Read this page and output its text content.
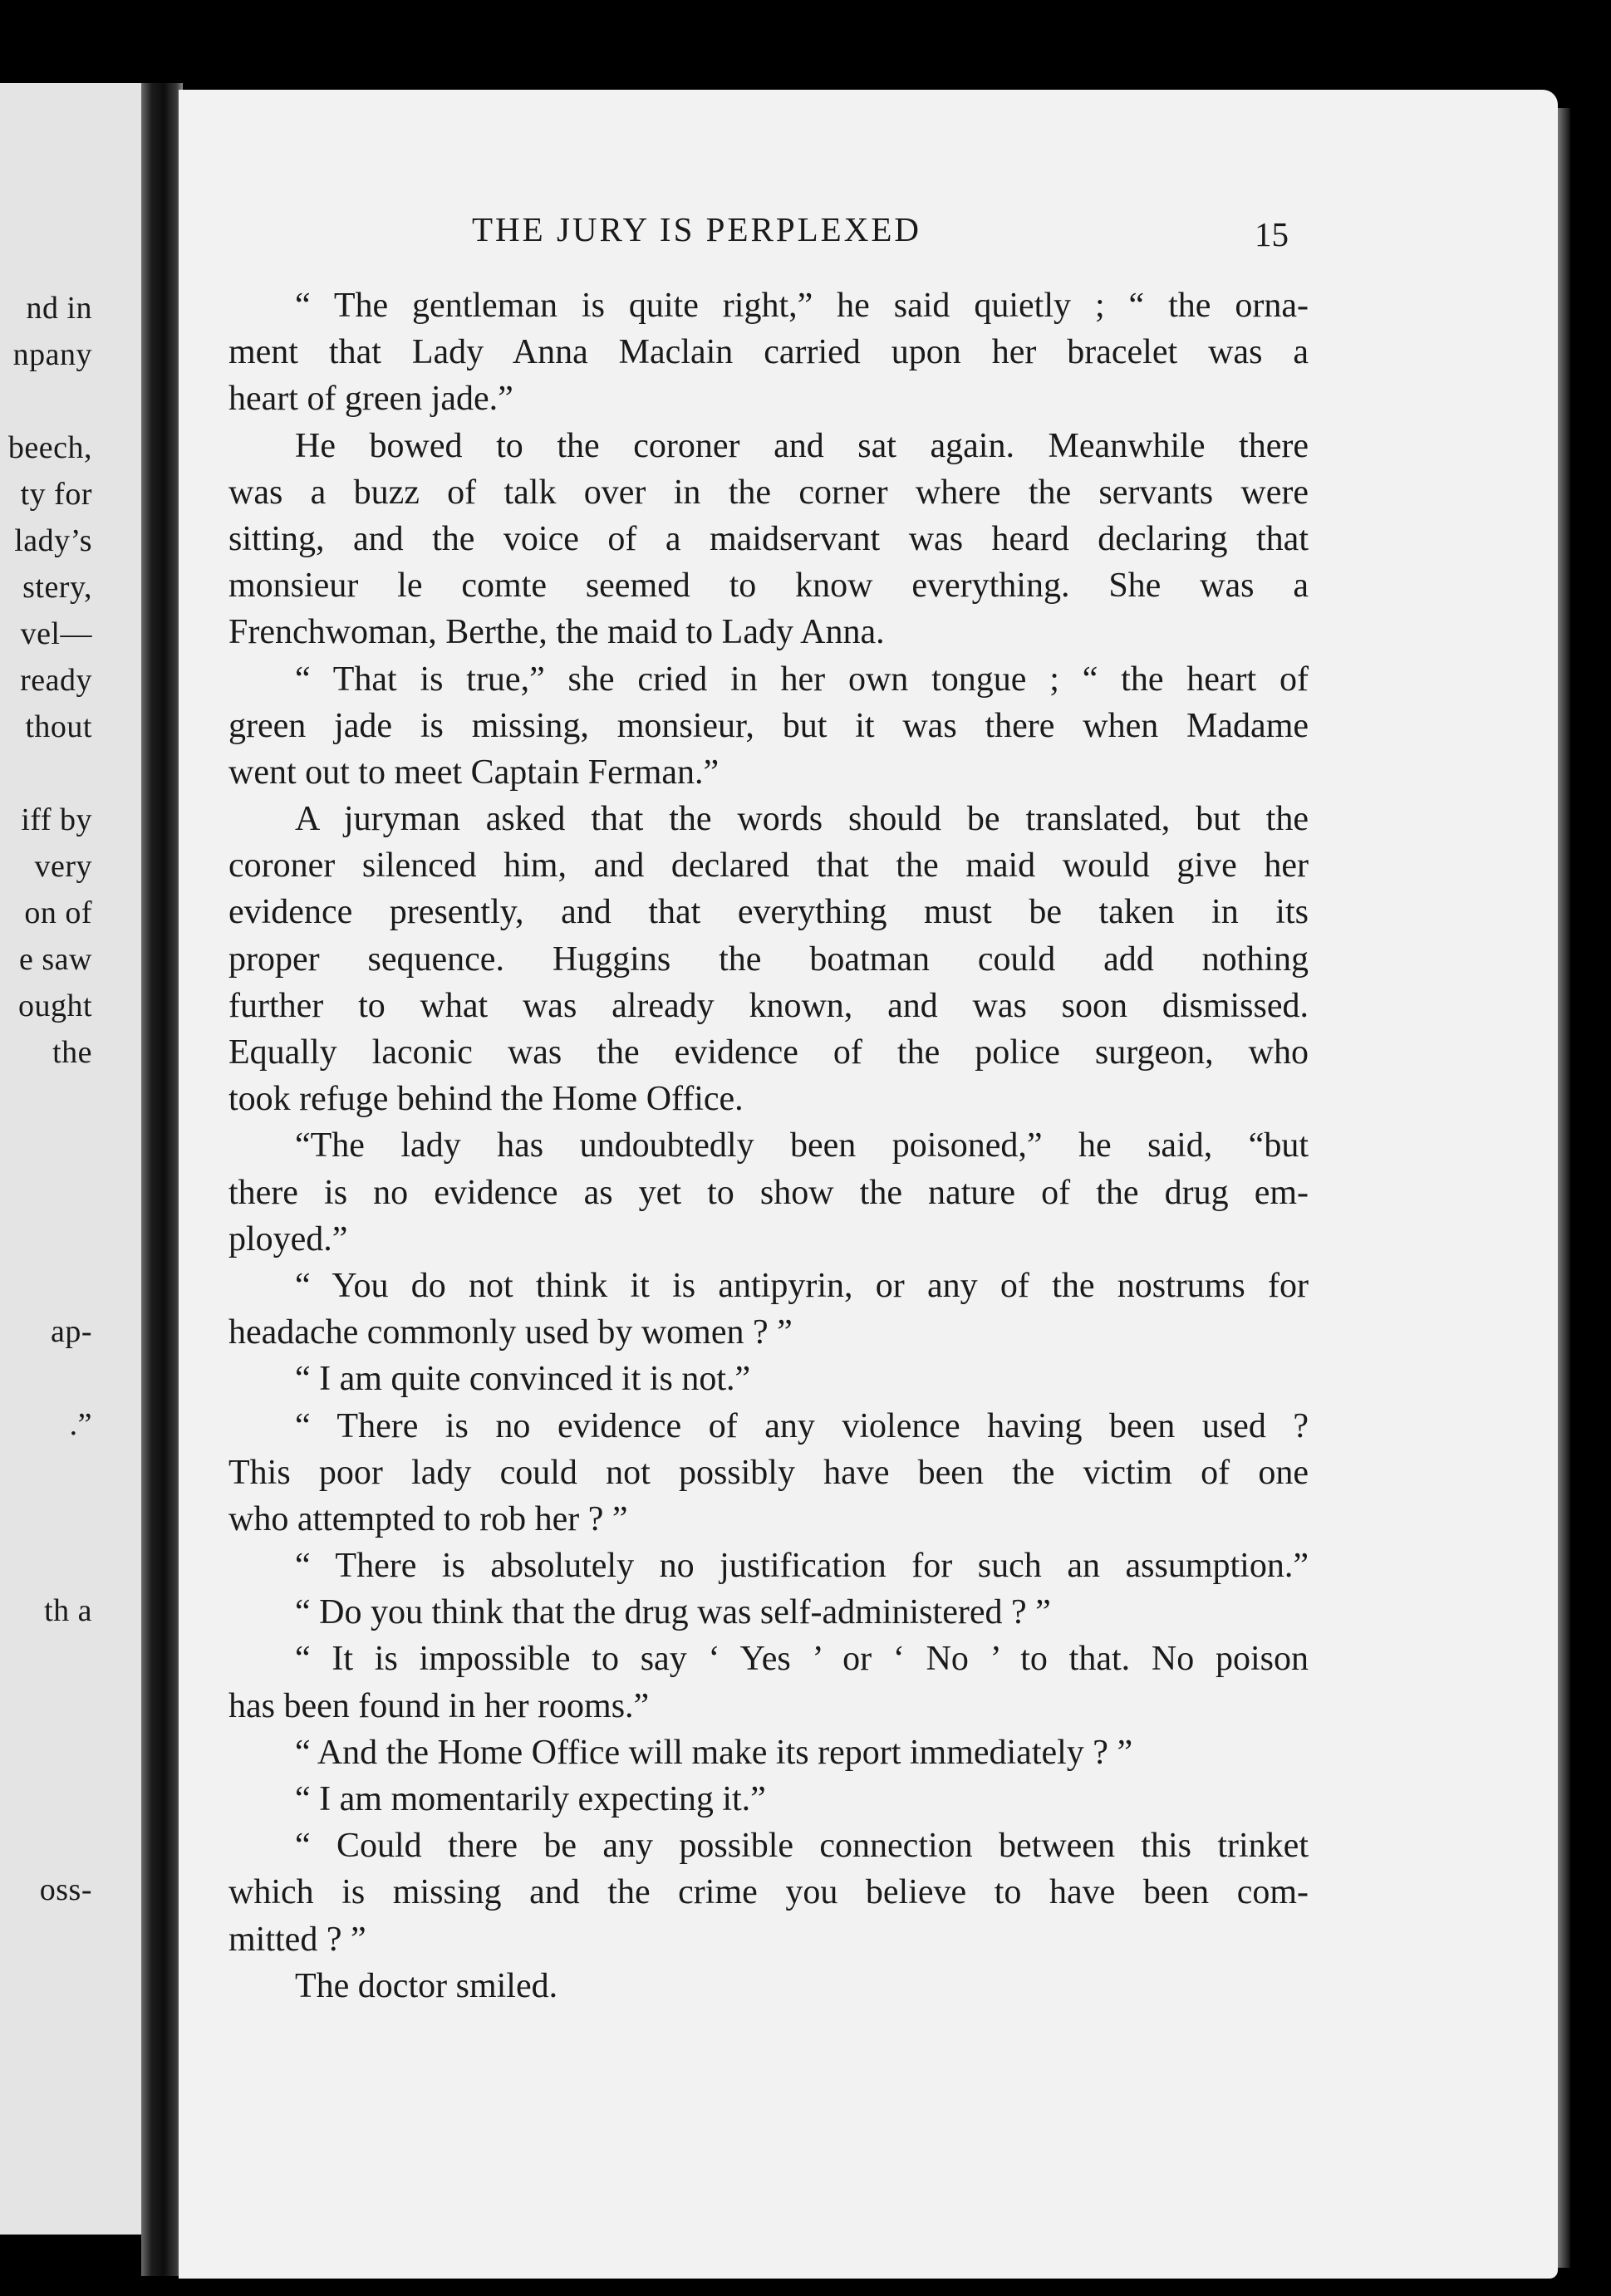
nd in
npany
beech,
ty for
lady’s
stery,
vel—
ready
thout
iff by
very
on of
e saw
ought
the
ap-
.”
th a
oss-
THE JURY IS PERPLEXED	15
“ The gentleman is quite right,” he said quietly ; “ the orna-
ment that Lady Anna Maclain carried upon her bracelet was a
heart of green jade.”
He bowed to the coroner and sat again. Meanwhile there
was a buzz of talk over in the corner where the servants were
sitting, and the voice of a maidservant was heard declaring that
monsieur le comte seemed to know everything. She was a
Frenchwoman, Berthe, the maid to Lady Anna.
“ That is true,” she cried in her own tongue ; “ the heart of
green jade is missing, monsieur, but it was there when Madame
went out to meet Captain Ferman.”
A juryman asked that the words should be translated, but the
coroner silenced him, and declared that the maid would give her
evidence presently, and that everything must be taken in its
proper sequence. Huggins the boatman could add nothing
further to what was already known, and was soon dismissed.
Equally laconic was the evidence of the police surgeon, who
took refuge behind the Home Office.
“The lady has undoubtedly been poisoned,” he said, “but
there is no evidence as yet to show the nature of the drug em-
ployed.”
“ You do not think it is antipyrin, or any of the nostrums for
headache commonly used by women ? ”
“ I am quite convinced it is not.”
“ There is no evidence of any violence having been used ?
This poor lady could not possibly have been the victim of one
who attempted to rob her ? ”
“ There is absolutely no justification for such an assumption.”
“ Do you think that the drug was self-administered ? ”
“ It is impossible to say ‘ Yes ’ or ‘ No ’ to that. No poison
has been found in her rooms.”
“ And the Home Office will make its report immediately ? ”
“ I am momentarily expecting it.”
“ Could there be any possible connection between this trinket
which is missing and the crime you believe to have been com-
mitted ? ”
The doctor smiled.
